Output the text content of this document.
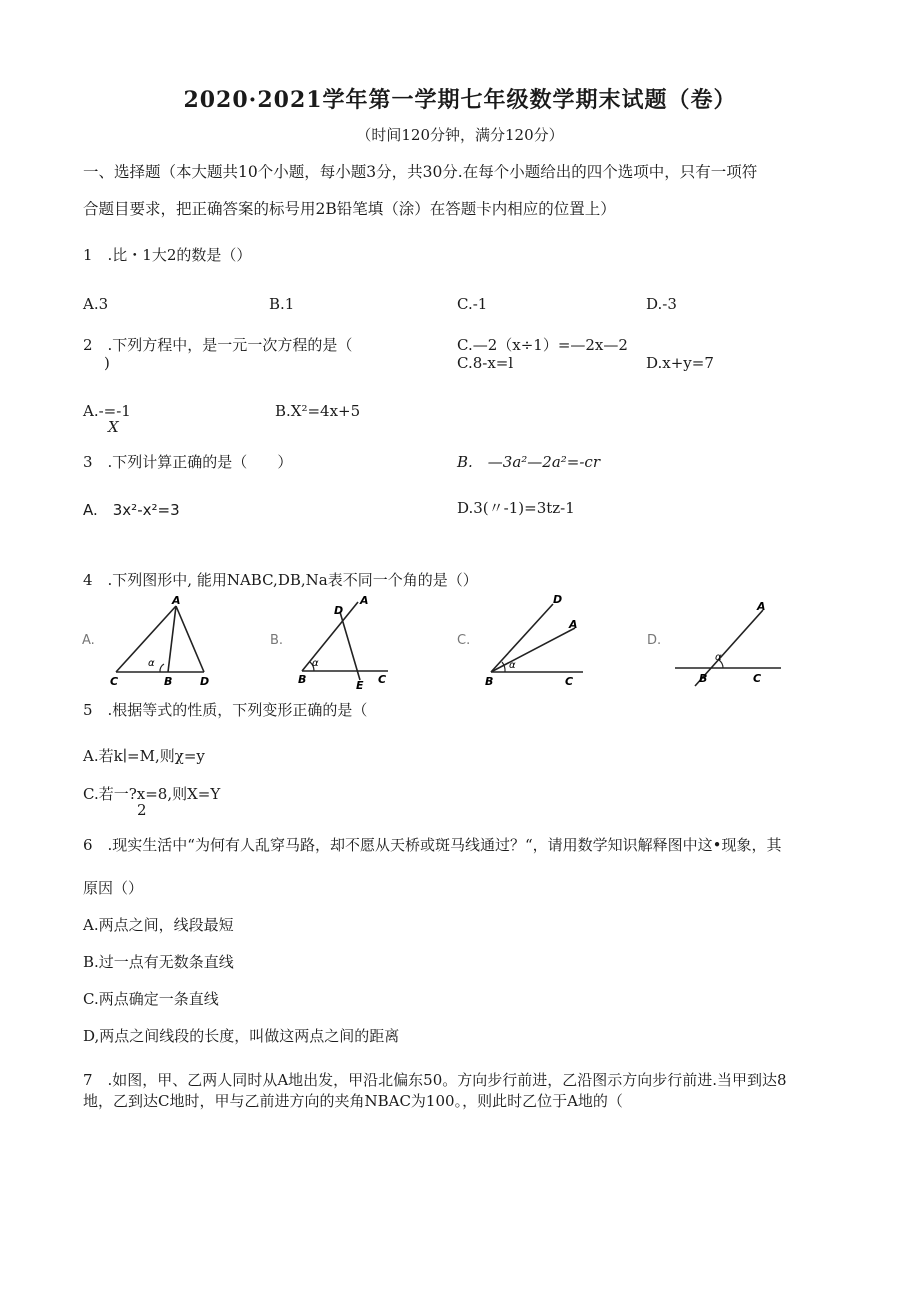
2020·2021学年第一学期七年级数学期末试题（卷）
（时间120分钟，满分120分）
一、选择题（本大题共10个小题，每小题3分，共30分.在每个小题给出的四个选项中，只有一项符
合题目要求，把正确答案的标号用2B铅笔填（涂）在答题卡内相应的位置上）
1　.比・1大2的数是（）
A.3	B.1	C.-1	D.-3
2　.下列方程中，是一元一次方程的是（
)
C.—2（x÷1）=—2x—2
C.8-x=l	D.x+y=7
A.-=-1
X
B.X²=4x+5
3　.下列计算正确的是（　　）	B.　—3a²—2a²=-cr
A.　3x²-x²=3	D.3(〃-1)=3tz-1
4　.下列图形中, 能用NABC,DB,Na表不同一个角的是（）
A.
A
C	B	D
α
B.
D
A
B	E C
α
C.
D
A
B	C
α
D.
A
B	C
α
5　.根据等式的性质，下列变形正确的是（
A.若k∣=M,则χ=y
C.若一?x=8,则X=Y
2
6　.现实生活中“为何有人乱穿马路，却不愿从天桥或斑马线通过？“，请用数学知识解释图中这•现象，其
原因（）
A.两点之间，线段最短
B.过一点有无数条直线
C.两点确定一条直线
D,两点之间线段的长度，叫做这两点之间的距离
7　.如图，甲、乙两人同时从A地出发，甲沿北偏东50。方向步行前进，乙沿图示方向步行前进.当甲到达8
地，乙到达C地时，甲与乙前进方向的夹角NBAC为100。，则此时乙位于A地的（
